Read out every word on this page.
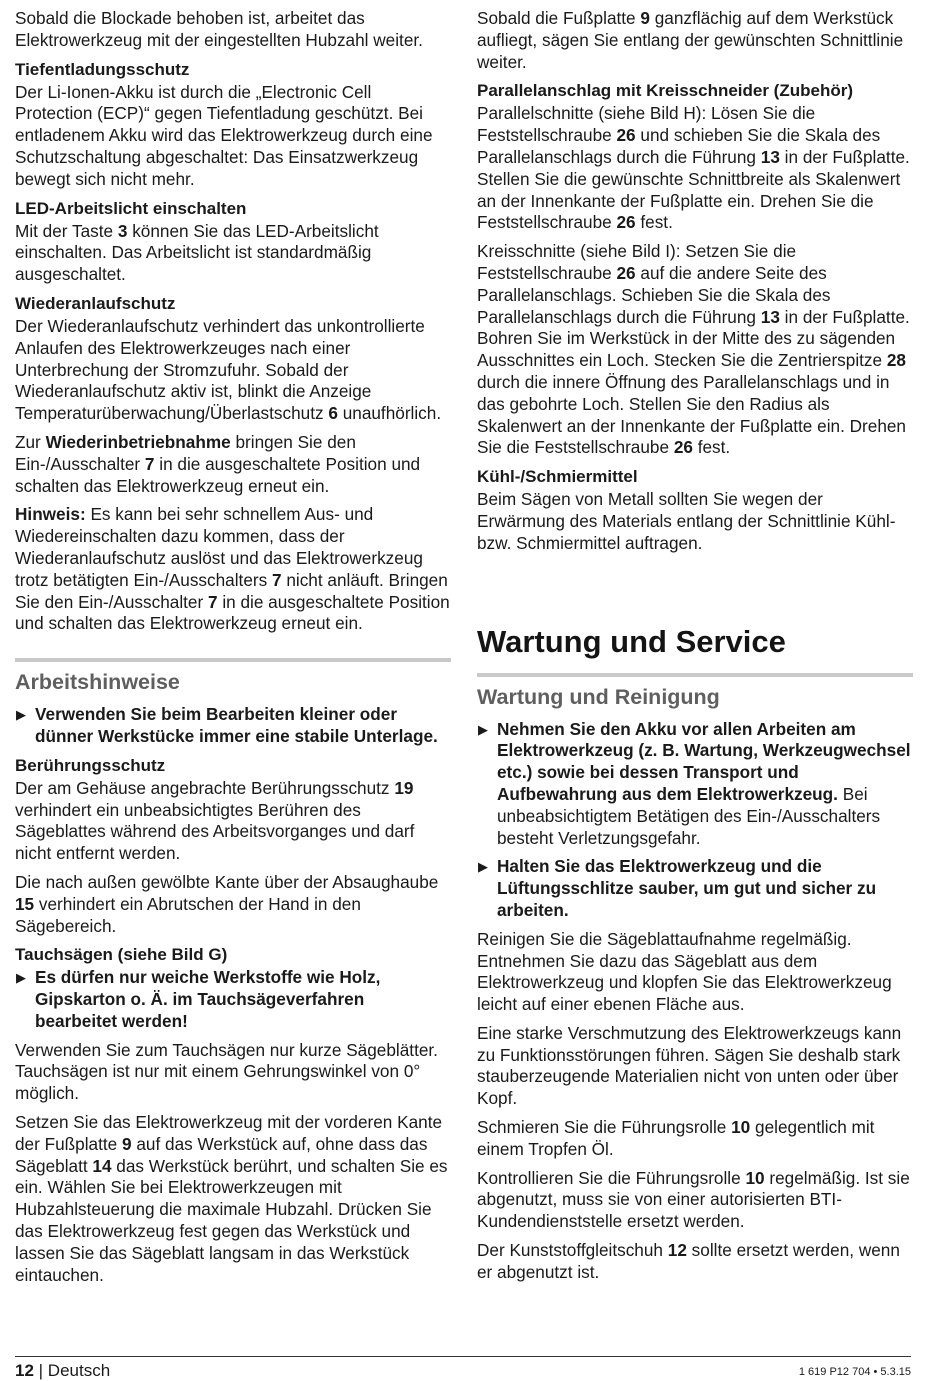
Sobald die Blockade behoben ist, arbeitet das Elektrowerkzeug mit der eingestellten Hubzahl weiter.

Tiefentladungsschutz

Der Li-Ionen-Akku ist durch die „Electronic Cell Protection (ECP)“ gegen Tiefentladung geschützt. Bei entladenem Akku wird das Elektrowerkzeug durch eine Schutzschaltung abgeschaltet: Das Einsatzwerkzeug bewegt sich nicht mehr.

LED-Arbeitslicht einschalten

Mit der Taste 3 können Sie das LED-Arbeitslicht einschalten. Das Arbeitslicht ist standardmäßig ausgeschaltet.

Wiederanlaufschutz

Der Wiederanlaufschutz verhindert das unkontrollierte Anlaufen des Elektrowerkzeuges nach einer Unterbrechung der Stromzufuhr. Sobald der Wiederanlaufschutz aktiv ist, blinkt die Anzeige Temperaturüberwachung/Überlastschutz 6 unaufhörlich.

Zur Wiederinbetriebnahme bringen Sie den Ein-/Ausschalter 7 in die ausgeschaltete Position und schalten das Elektrowerkzeug erneut ein.

Hinweis: Es kann bei sehr schnellem Aus- und Wiedereinschalten dazu kommen, dass der Wiederanlaufschutz auslöst und das Elektrowerkzeug trotz betätigten Ein-/Ausschalters 7 nicht anläuft. Bringen Sie den Ein-/Ausschalter 7 in die ausgeschaltete Position und schalten das Elektrowerkzeug erneut ein.

Arbeitshinweise
▶ Verwenden Sie beim Bearbeiten kleiner oder dünner Werkstücke immer eine stabile Unterlage.
Berührungsschutz

Der am Gehäuse angebrachte Berührungsschutz 19 verhindert ein unbeabsichtigtes Berühren des Sägeblattes während des Arbeitsvorganges und darf nicht entfernt werden.

Die nach außen gewölbte Kante über der Absaughaube 15 verhindert ein Abrutschen der Hand in den Sägebereich.

Tauchsägen (siehe Bild G)
▶ Es dürfen nur weiche Werkstoffe wie Holz, Gipskarton o. Ä. im Tauchsägeverfahren bearbeitet werden!

Verwenden Sie zum Tauchsägen nur kurze Sägeblätter. Tauchsägen ist nur mit einem Gehrungswinkel von 0° möglich.

Setzen Sie das Elektrowerkzeug mit der vorderen Kante der Fußplatte 9 auf das Werkstück auf, ohne dass das Sägeblatt 14 das Werkstück berührt, und schalten Sie es ein. Wählen Sie bei Elektrowerkzeugen mit Hubzahlsteuerung die maximale Hubzahl. Drücken Sie das Elektrowerkzeug fest gegen das Werkstück und lassen Sie das Sägeblatt langsam in das Werkstück eintauchen.

Sobald die Fußplatte 9 ganzflächig auf dem Werkstück aufliegt, sägen Sie entlang der gewünschten Schnittlinie weiter.

Parallelanschlag mit Kreisschneider (Zubehör)

Parallelschnitte (siehe Bild H): Lösen Sie die Feststellschraube 26 und schieben Sie die Skala des Parallelanschlags durch die Führung 13 in der Fußplatte. Stellen Sie die gewünschte Schnittbreite als Skalenwert an der Innenkante der Fußplatte ein. Drehen Sie die Feststellschraube 26 fest.

Kreisschnitte (siehe Bild I): Setzen Sie die Feststellschraube 26 auf die andere Seite des Parallelanschlags. Schieben Sie die Skala des Parallelanschlags durch die Führung 13 in der Fußplatte. Bohren Sie im Werkstück in der Mitte des zu sägenden Ausschnittes ein Loch. Stecken Sie die Zentrierspitze 28 durch die innere Öffnung des Parallelanschlags und in das gebohrte Loch. Stellen Sie den Radius als Skalenwert an der Innenkante der Fußplatte ein. Drehen Sie die Feststellschraube 26 fest.

Kühl-/Schmiermittel

Beim Sägen von Metall sollten Sie wegen der Erwärmung des Materials entlang der Schnittlinie Kühl- bzw. Schmiermittel auftragen.

Wartung und Service
Wartung und Reinigung
▶ Nehmen Sie den Akku vor allen Arbeiten am Elektrowerkzeug (z. B. Wartung, Werkzeugwechsel etc.) sowie bei dessen Transport und Aufbewahrung aus dem Elektrowerkzeug. Bei unbeabsichtigtem Betätigen des Ein-/Ausschalters besteht Verletzungsgefahr.
▶ Halten Sie das Elektrowerkzeug und die Lüftungsschlitze sauber, um gut und sicher zu arbeiten.

Reinigen Sie die Sägeblattaufnahme regelmäßig. Entnehmen Sie dazu das Sägeblatt aus dem Elektrowerkzeug und klopfen Sie das Elektrowerkzeug leicht auf einer ebenen Fläche aus.

Eine starke Verschmutzung des Elektrowerkzeugs kann zu Funktionsstörungen führen. Sägen Sie deshalb stark stauberzeugende Materialien nicht von unten oder über Kopf.

Schmieren Sie die Führungsrolle 10 gelegentlich mit einem Tropfen Öl.

Kontrollieren Sie die Führungsrolle 10 regelmäßig. Ist sie abgenutzt, muss sie von einer autorisierten BTI-Kundendienststelle ersetzt werden.

Der Kunststoffgleitschuh 12 sollte ersetzt werden, wenn er abgenutzt ist.

12 | Deutsch	1 619 P12 704 • 5.3.15
